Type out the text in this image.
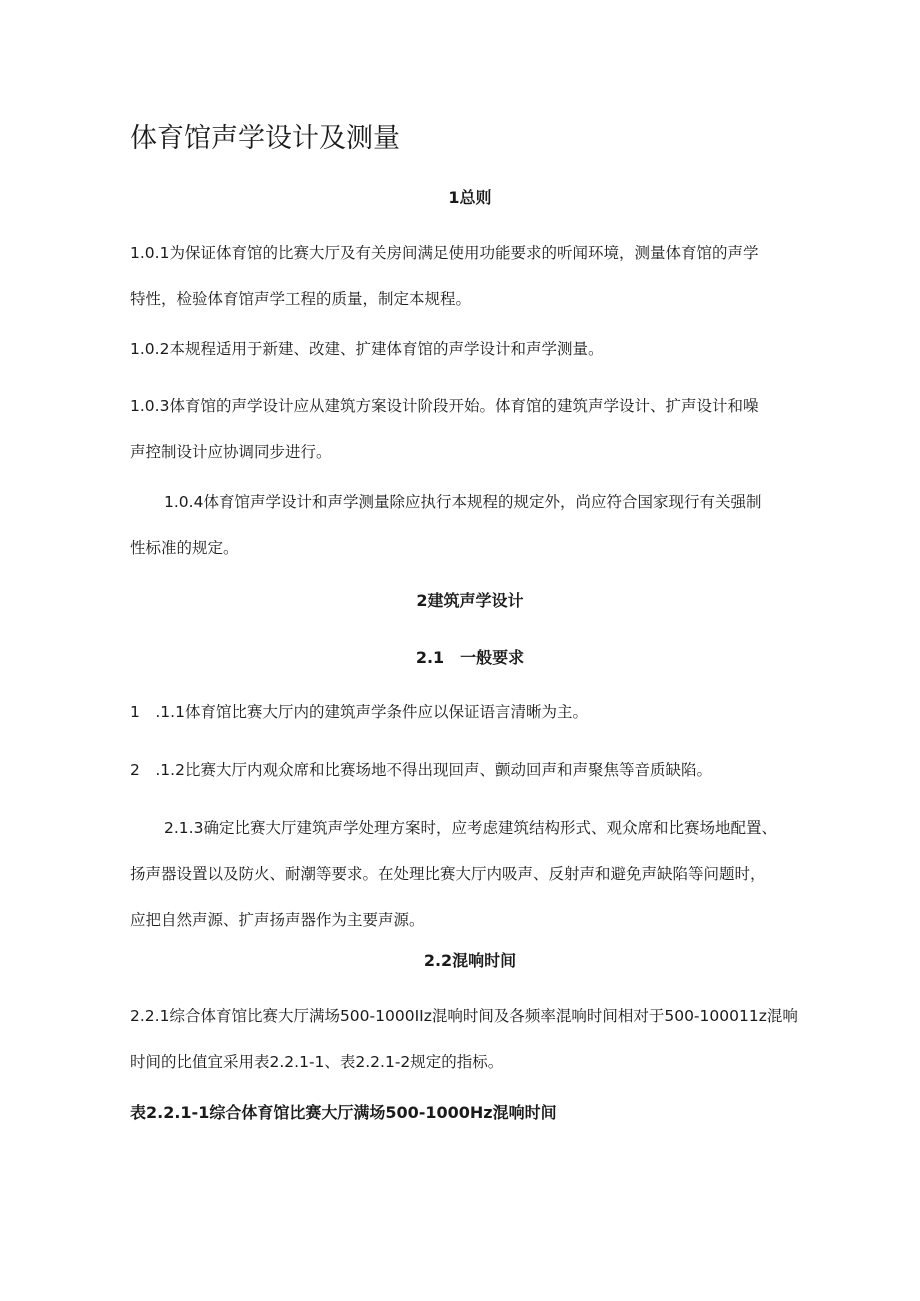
体育馆声学设计及测量
1总则
1.0.1为保证体育馆的比赛大厅及有关房间满足使用功能要求的听闻环境，测量体育馆的声学
特性，检验体育馆声学工程的质量，制定本规程。
1.0.2本规程适用于新建、改建、扩建体育馆的声学设计和声学测量。
1.0.3体育馆的声学设计应从建筑方案设计阶段开始。体育馆的建筑声学设计、扩声设计和噪
声控制设计应协调同步进行。
1.0.4体育馆声学设计和声学测量除应执行本规程的规定外，尚应符合国家现行有关强制
性标准的规定。
2建筑声学设计
2.1　一般要求
1　.1.1体育馆比赛大厅内的建筑声学条件应以保证语言清晰为主。
2　.1.2比赛大厅内观众席和比赛场地不得出现回声、颤动回声和声聚焦等音质缺陷。
2.1.3确定比赛大厅建筑声学处理方案时，应考虑建筑结构形式、观众席和比赛场地配置、
扬声器设置以及防火、耐潮等要求。在处理比赛大厅内吸声、反射声和避免声缺陷等问题时，
应把自然声源、扩声扬声器作为主要声源。
2.2混响时间
2.2.1综合体育馆比赛大厅满场500-1000IIz混响时间及各频率混响时间相对于500-100011z混响
时间的比值宜采用表2.2.1-1、表2.2.1-2规定的指标。
表2.2.1-1综合体育馆比赛大厅满场500-1000Hz混响时间
